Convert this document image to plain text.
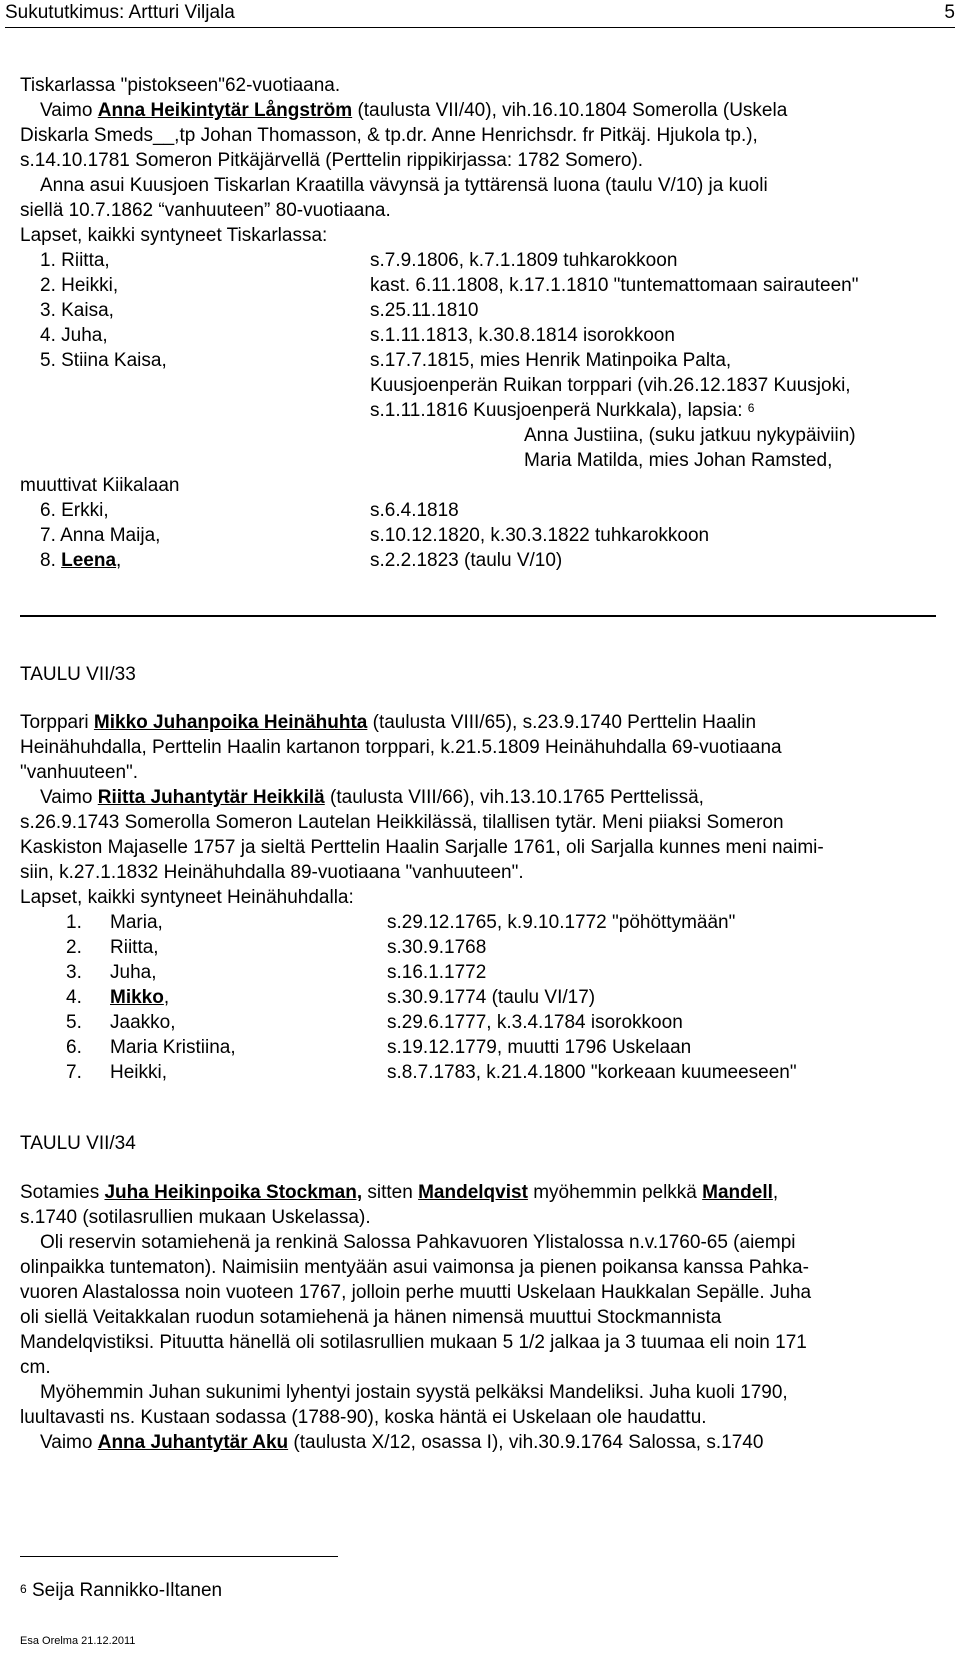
Sukututkimus: Artturi Viljala	5
Tiskarlassa "pistokseen"62-vuotiaana.
Vaimo Anna Heikintytär Långström (taulusta VII/40), vih.16.10.1804 Somerolla (Uskela
Diskarla Smeds__,tp Johan Thomasson, & tp.dr. Anne Henrichsdr. fr Pitkäj. Hjukola tp.),
s.14.10.1781 Someron Pitkäjärvellä (Perttelin rippikirjassa: 1782 Somero).
Anna asui Kuusjoen Tiskarlan Kraatilla vävynsä ja tyttärensä luona (taulu V/10) ja kuoli
siellä 10.7.1862 “vanhuuteen” 80-vuotiaana.
Lapset, kaikki syntyneet Tiskarlassa:
1. Riitta,	s.7.9.1806, k.7.1.1809 tuhkarokkoon
2. Heikki,	kast. 6.11.1808, k.17.1.1810 "tuntemattomaan sairauteen"
3. Kaisa,	s.25.11.1810
4. Juha,	s.1.11.1813, k.30.8.1814 isorokkoon
5. Stiina Kaisa,	s.17.7.1815, mies Henrik Matinpoika Palta,
Kuusjoenperän Ruikan torppari (vih.26.12.1837 Kuusjoki,
s.1.11.1816 Kuusjoenperä Nurkkala), lapsia: $^6$
Anna Justiina, (suku jatkuu nykypäiviin)
Maria Matilda, mies Johan Ramsted,
muuttivat Kiikalaan
6. Erkki,	s.6.4.1818
7. Anna Maija,	s.10.12.1820, k.30.3.1822 tuhkarokkoon
8. Leena,	s.2.2.1823 (taulu V/10)
TAULU VII/33
Torppari Mikko Juhanpoika Heinähuhta (taulusta VIII/65), s.23.9.1740 Perttelin Haalin
Heinähuhdalla, Perttelin Haalin kartanon torppari, k.21.5.1809 Heinähuhdalla 69-vuotiaana
"vanhuuteen".
Vaimo Riitta Juhantytär Heikkilä (taulusta VIII/66), vih.13.10.1765 Perttelissä,
s.26.9.1743 Somerolla Someron Lautelan Heikkilässä, tilallisen tytär. Meni piiaksi Someron
Kaskiston Majaselle 1757 ja sieltä Perttelin Haalin Sarjalle 1761, oli Sarjalla kunnes meni naimi-
siin, k.27.1.1832 Heinähuhdalla 89-vuotiaana "vanhuuteen".
Lapset, kaikki syntyneet Heinähuhdalla:
1. Maria,	s.29.12.1765, k.9.10.1772 "pöhöttymään"
2. Riitta,	s.30.9.1768
3. Juha,	s.16.1.1772
4. Mikko,	s.30.9.1774 (taulu VI/17)
5. Jaakko,	s.29.6.1777, k.3.4.1784 isorokkoon
6. Maria Kristiina,	s.19.12.1779, muutti 1796 Uskelaan
7. Heikki,	s.8.7.1783, k.21.4.1800 "korkeaan kuumeeseen"
TAULU VII/34
Sotamies Juha Heikinpoika Stockman, sitten Mandelqvist myöhemmin pelkkä Mandell,
s.1740 (sotilasrullien mukaan Uskelassa).
Oli reservin sotamiehenä ja renkinä Salossa Pahkavuoren Ylistalossa n.v.1760-65 (aiempi
olinpaikka tuntematon). Naimisiin mentyään asui vaimonsa ja pienen poikansa kanssa Pahka-
vuoren Alastalossa noin vuoteen 1767, jolloin perhe muutti Uskelaan Haukkalan Sepälle. Juha
oli siellä Veitakkalan ruodun sotamiehenä ja hänen nimensä muuttui Stockmannista
Mandelqvistiksi. Pituutta hänellä oli sotilasrullien mukaan 5 1/2 jalkaa ja 3 tuumaa eli noin 171
cm.
Myöhemmin Juhan sukunimi lyhentyi jostain syystä pelkäksi Mandeliksi. Juha kuoli 1790,
luultavasti ns. Kustaan sodassa (1788-90), koska häntä ei Uskelaan ole haudattu.
Vaimo Anna Juhantytär Aku (taulusta X/12, osassa I), vih.30.9.1764 Salossa, s.1740
$^6$ Seija Rannikko-Iltanen
Esa Orelma 21.12.2011
